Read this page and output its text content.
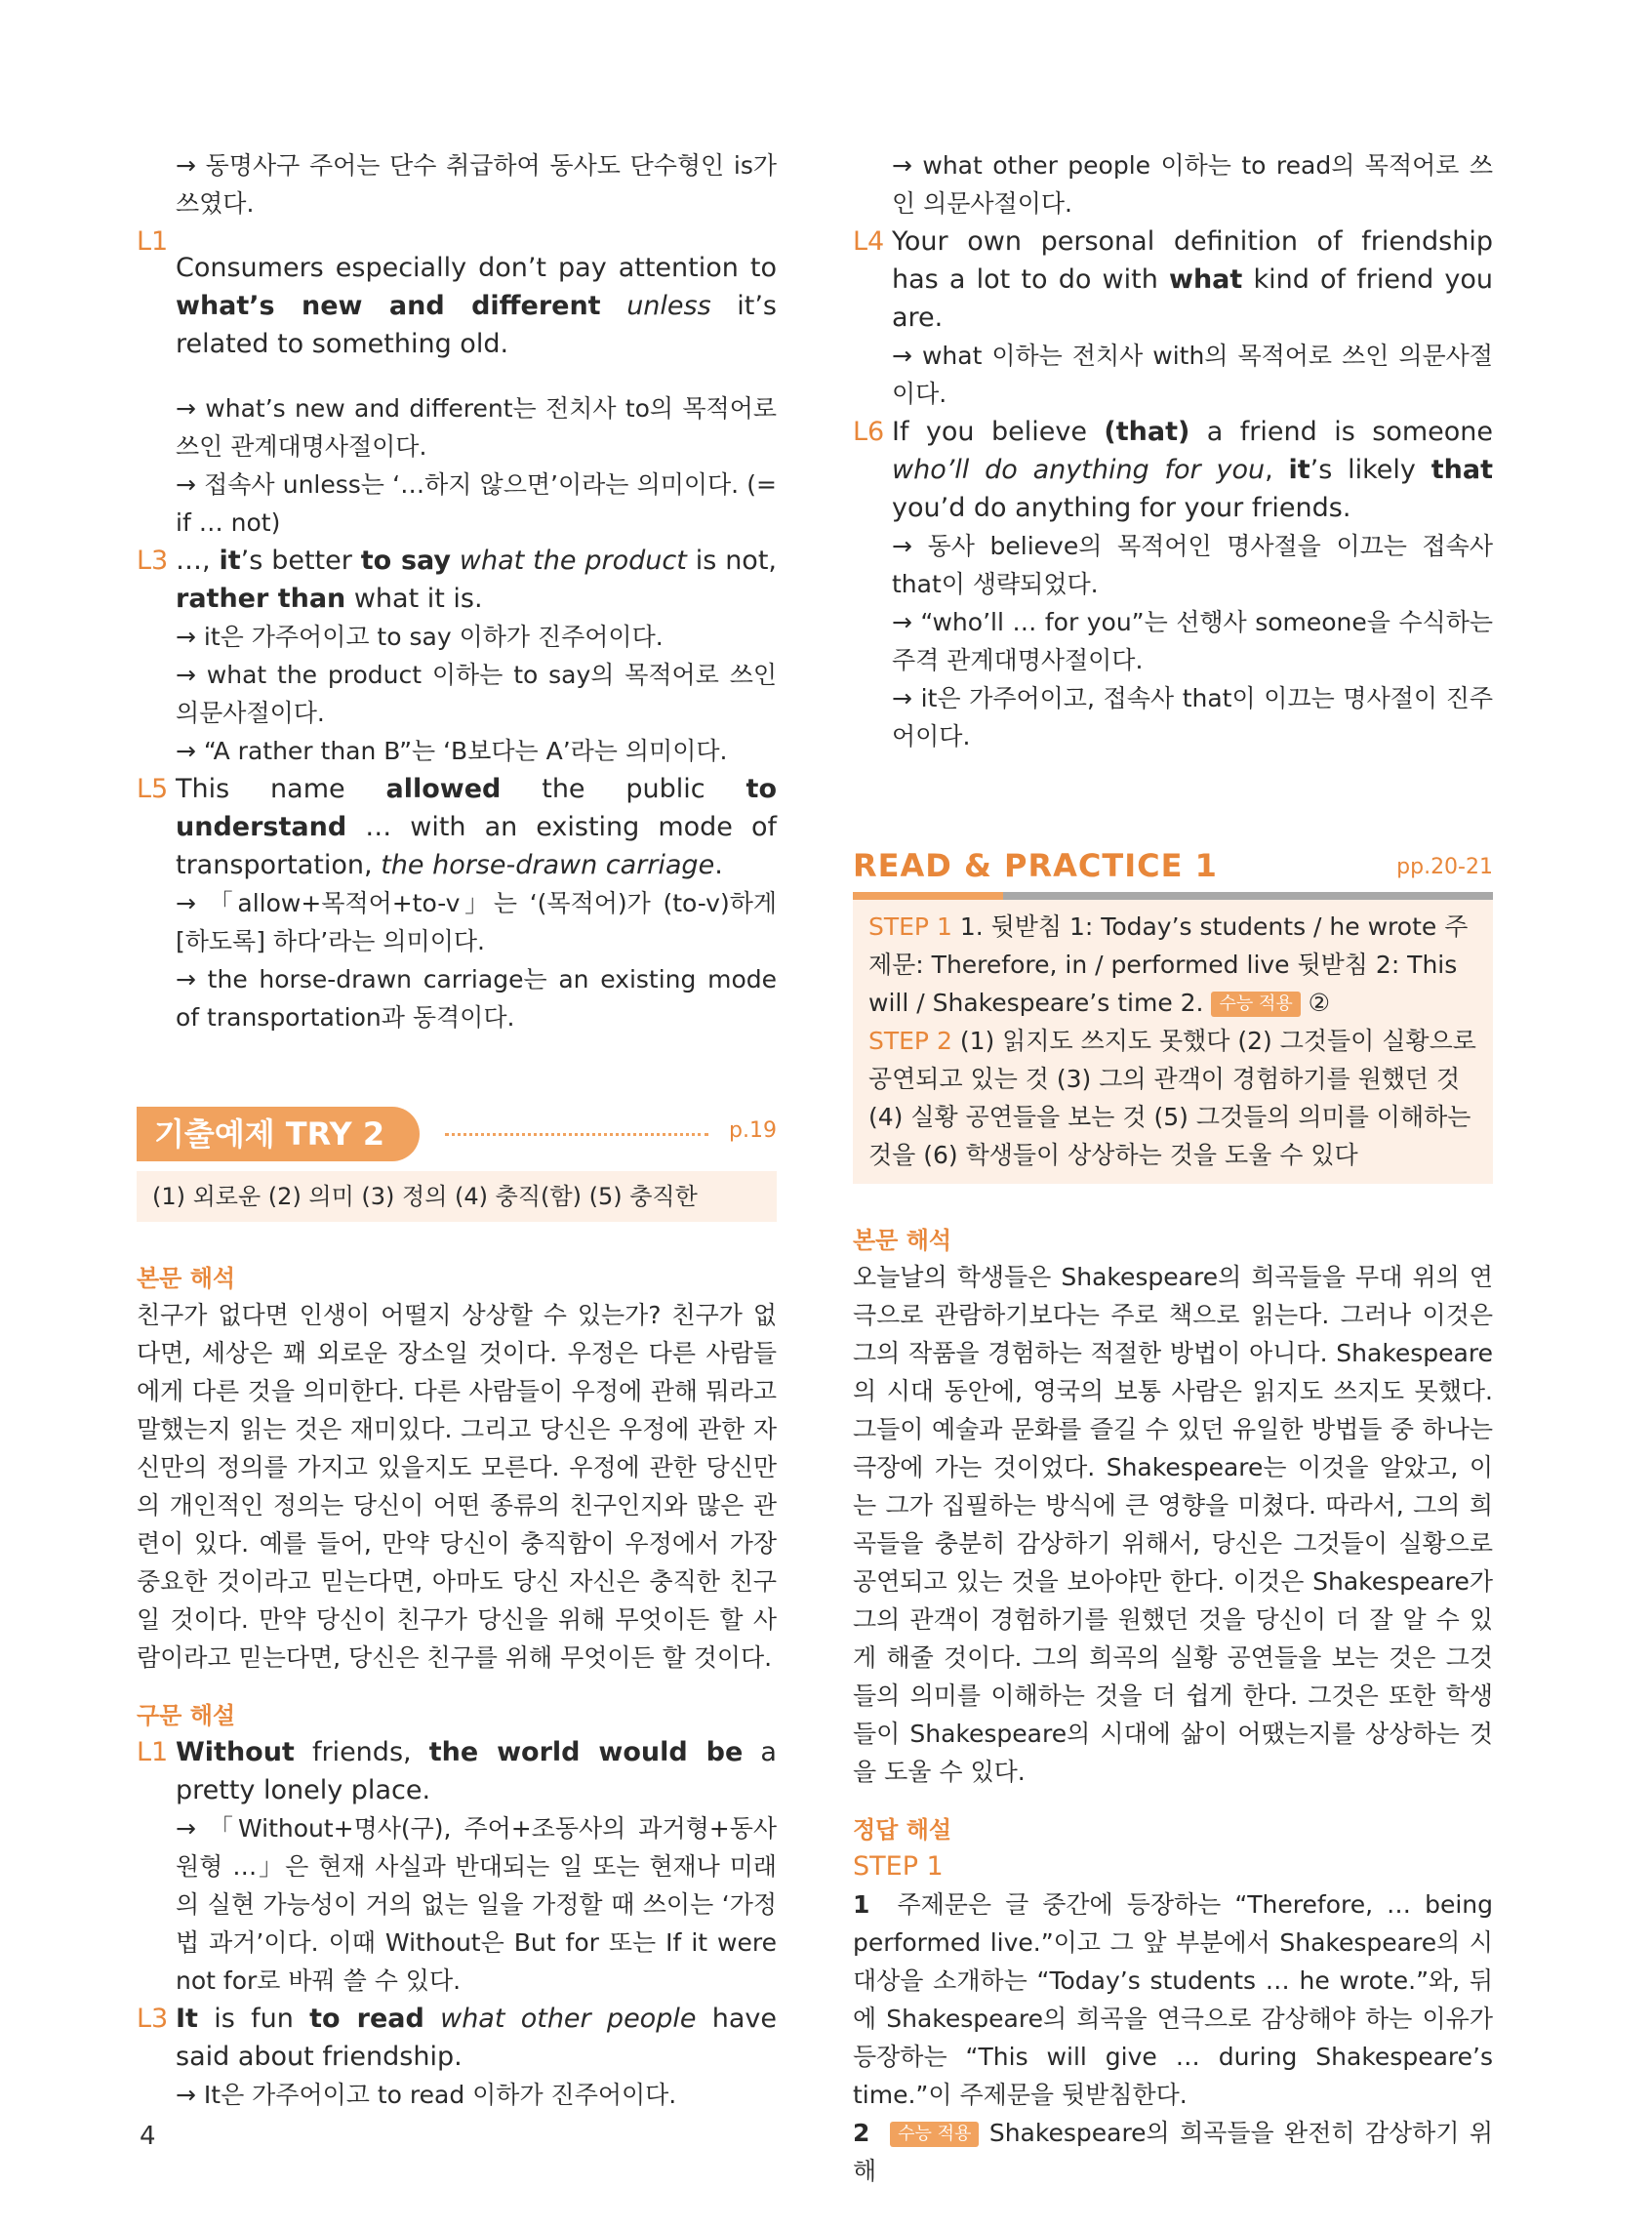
→ 동명사구 주어는 단수 취급하여 동사도 단수형인 is가 쓰였다.
L1

Consumers especially don’t pay attention to what’s new and different unless it’s related to something old.

→ what’s new and different는 전치사 to의 목적어로 쓰인 관계대명사절이다.

→ 접속사 unless는 ‘…하지 않으면’이라는 의미이다. (= if … not)

L3 …, it’s better to say what the product is not, rather than what it is.

→ it은 가주어이고 to say 이하가 진주어이다.

→ what the product 이하는 to say의 목적어로 쓰인 의문사절이다.

→ “A rather than B”는 ‘B보다는 A’라는 의미이다.

L5 This name allowed the public to understand … with an existing mode of transportation, the horse-drawn carriage.

→ 「allow+목적어+to-v」는 ‘(목적어)가 (to-v)하게[하도록] 하다’라는 의미이다.

→ the horse-drawn carriage는 an existing mode of transportation과 동격이다.

기출예제 TRY 2	p.19
(1) 외로운 (2) 의미 (3) 정의 (4) 충직(함) (5) 충직한

본문 해석

친구가 없다면 인생이 어떨지 상상할 수 있는가? 친구가 없다면, 세상은 꽤 외로운 장소일 것이다. 우정은 다른 사람들에게 다른 것을 의미한다. 다른 사람들이 우정에 관해 뭐라고 말했는지 읽는 것은 재미있다. 그리고 당신은 우정에 관한 자신만의 정의를 가지고 있을지도 모른다. 우정에 관한 당신만의 개인적인 정의는 당신이 어떤 종류의 친구인지와 많은 관련이 있다. 예를 들어, 만약 당신이 충직함이 우정에서 가장 중요한 것이라고 믿는다면, 아마도 당신 자신은 충직한 친구일 것이다. 만약 당신이 친구가 당신을 위해 무엇이든 할 사람이라고 믿는다면, 당신은 친구를 위해 무엇이든 할 것이다.

구문 해설

L1 Without friends, the world would be a pretty lonely place.

→ 「Without+명사(구), 주어+조동사의 과거형+동사원형 …」은 현재 사실과 반대되는 일 또는 현재나 미래의 실현 가능성이 거의 없는 일을 가정할 때 쓰이는 ‘가정법 과거’이다. 이때 Without은 But for 또는 If it were not for로 바꿔 쓸 수 있다.

L3 It is fun to read what other people have said about friendship.

→ It은 가주어이고 to read 이하가 진주어이다.

→ what other people 이하는 to read의 목적어로 쓰인 의문사절이다.
L4 Your own personal definition of friendship has a lot to do with what kind of friend you are.

→ what 이하는 전치사 with의 목적어로 쓰인 의문사절이다.

L6 If you believe (that) a friend is someone who’ll do anything for you, it’s likely that you’d do anything for your friends.

→ 동사 believe의 목적어인 명사절을 이끄는 접속사 that이 생략되었다.

→ “who’ll … for you”는 선행사 someone을 수식하는 주격 관계대명사절이다.

→ it은 가주어이고, 접속사 that이 이끄는 명사절이 진주어이다.

READ & PRACTICE 1	pp.20-21
STEP 1 1. 뒷받침 1: Today’s students / he wrote 주제문: Therefore, in / performed live 뒷받침 2: This will / Shakespeare’s time 2. 수능 적용 ②
STEP 2 (1) 읽지도 쓰지도 못했다 (2) 그것들이 실황으로 공연되고 있는 것 (3) 그의 관객이 경험하기를 원했던 것 (4) 실황 공연들을 보는 것 (5) 그것들의 의미를 이해하는 것을 (6) 학생들이 상상하는 것을 도울 수 있다

본문 해석

오늘날의 학생들은 Shakespeare의 희곡들을 무대 위의 연극으로 관람하기보다는 주로 책으로 읽는다. 그러나 이것은 그의 작품을 경험하는 적절한 방법이 아니다. Shakespeare의 시대 동안에, 영국의 보통 사람은 읽지도 쓰지도 못했다. 그들이 예술과 문화를 즐길 수 있던 유일한 방법들 중 하나는 극장에 가는 것이었다. Shakespeare는 이것을 알았고, 이는 그가 집필하는 방식에 큰 영향을 미쳤다. 따라서, 그의 희곡들을 충분히 감상하기 위해서, 당신은 그것들이 실황으로 공연되고 있는 것을 보아야만 한다. 이것은 Shakespeare가 그의 관객이 경험하기를 원했던 것을 당신이 더 잘 알 수 있게 해줄 것이다. 그의 희곡의 실황 공연들을 보는 것은 그것들의 의미를 이해하는 것을 더 쉽게 한다. 그것은 또한 학생들이 Shakespeare의 시대에 삶이 어땠는지를 상상하는 것을 도울 수 있다.

정답 해설

STEP 1

1 주제문은 글 중간에 등장하는 “Therefore, … being performed live.”이고 그 앞 부분에서 Shakespeare의 시대상을 소개하는 “Today’s students … he wrote.”와, 뒤에 Shakespeare의 희곡을 연극으로 감상해야 하는 이유가 등장하는 “This will give … during Shakespeare’s time.”이 주제문을 뒷받침한다.

2 수능 적용 Shakespeare의 희곡들을 완전히 감상하기 위해

4
